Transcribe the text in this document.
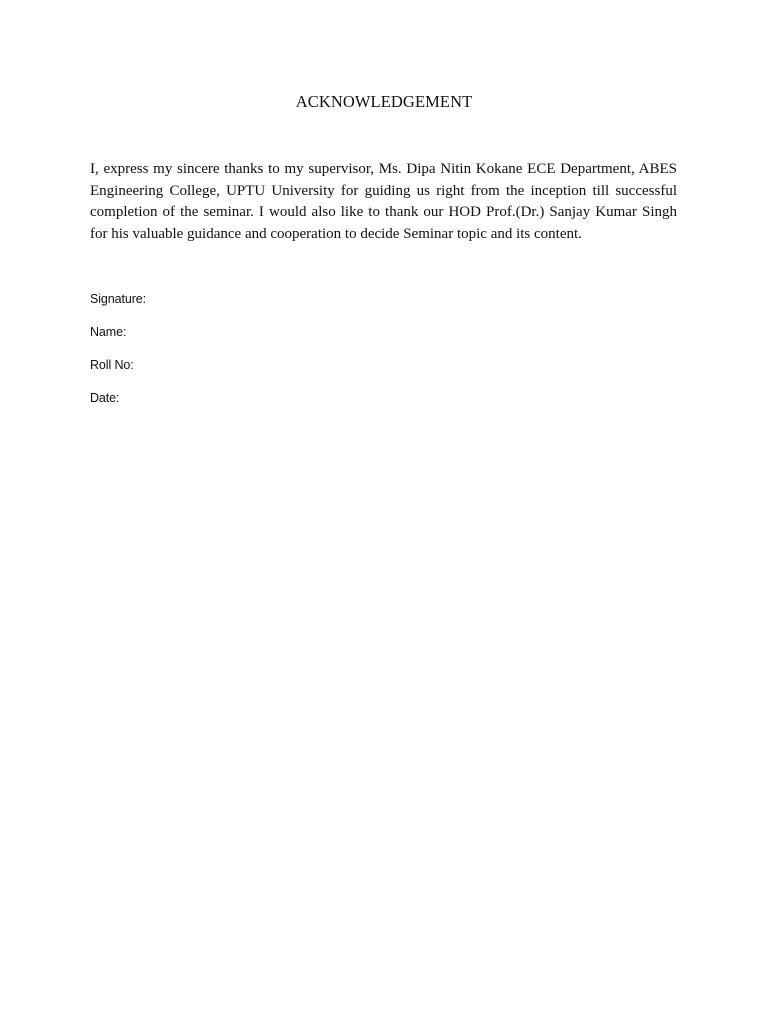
ACKNOWLEDGEMENT

I, express my sincere thanks to my supervisor, Ms. Dipa Nitin Kokane ECE Department, ABES Engineering College, UPTU University for guiding us right from the inception till successful completion of the seminar. I would also like to thank our HOD Prof.(Dr.) Sanjay Kumar Singh for his valuable guidance and cooperation to decide Seminar topic and its content.

Signature:
Name:
Roll No:
Date:
